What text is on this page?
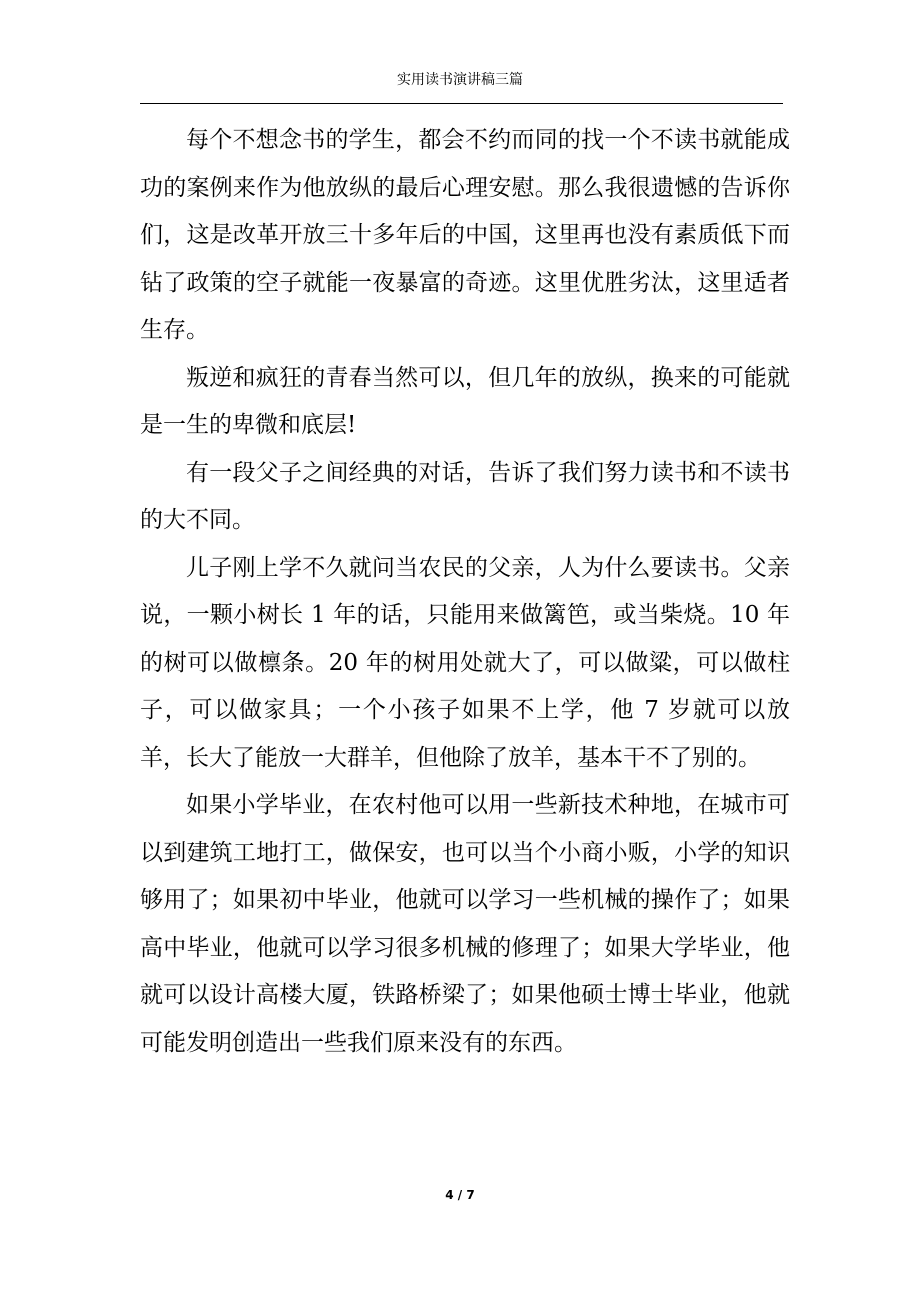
实用读书演讲稿三篇

每个不想念书的学生，都会不约而同的找一个不读书就能成功的案例来作为他放纵的最后心理安慰。那么我很遗憾的告诉你们，这是改革开放三十多年后的中国，这里再也没有素质低下而钻了政策的空子就能一夜暴富的奇迹。这里优胜劣汰，这里适者生存。

叛逆和疯狂的青春当然可以，但几年的放纵，换来的可能就是一生的卑微和底层!

有一段父子之间经典的对话，告诉了我们努力读书和不读书的大不同。

儿子刚上学不久就问当农民的父亲，人为什么要读书。父亲说，一颗小树长 1 年的话，只能用来做篱笆，或当柴烧。10 年的树可以做檩条。20 年的树用处就大了，可以做粱，可以做柱子，可以做家具；一个小孩子如果不上学，他 7 岁就可以放羊，长大了能放一大群羊，但他除了放羊，基本干不了别的。

如果小学毕业，在农村他可以用一些新技术种地，在城市可以到建筑工地打工，做保安，也可以当个小商小贩，小学的知识够用了；如果初中毕业，他就可以学习一些机械的操作了；如果高中毕业，他就可以学习很多机械的修理了；如果大学毕业，他就可以设计高楼大厦，铁路桥梁了；如果他硕士博士毕业，他就可能发明创造出一些我们原来没有的东西。

4 / 7
